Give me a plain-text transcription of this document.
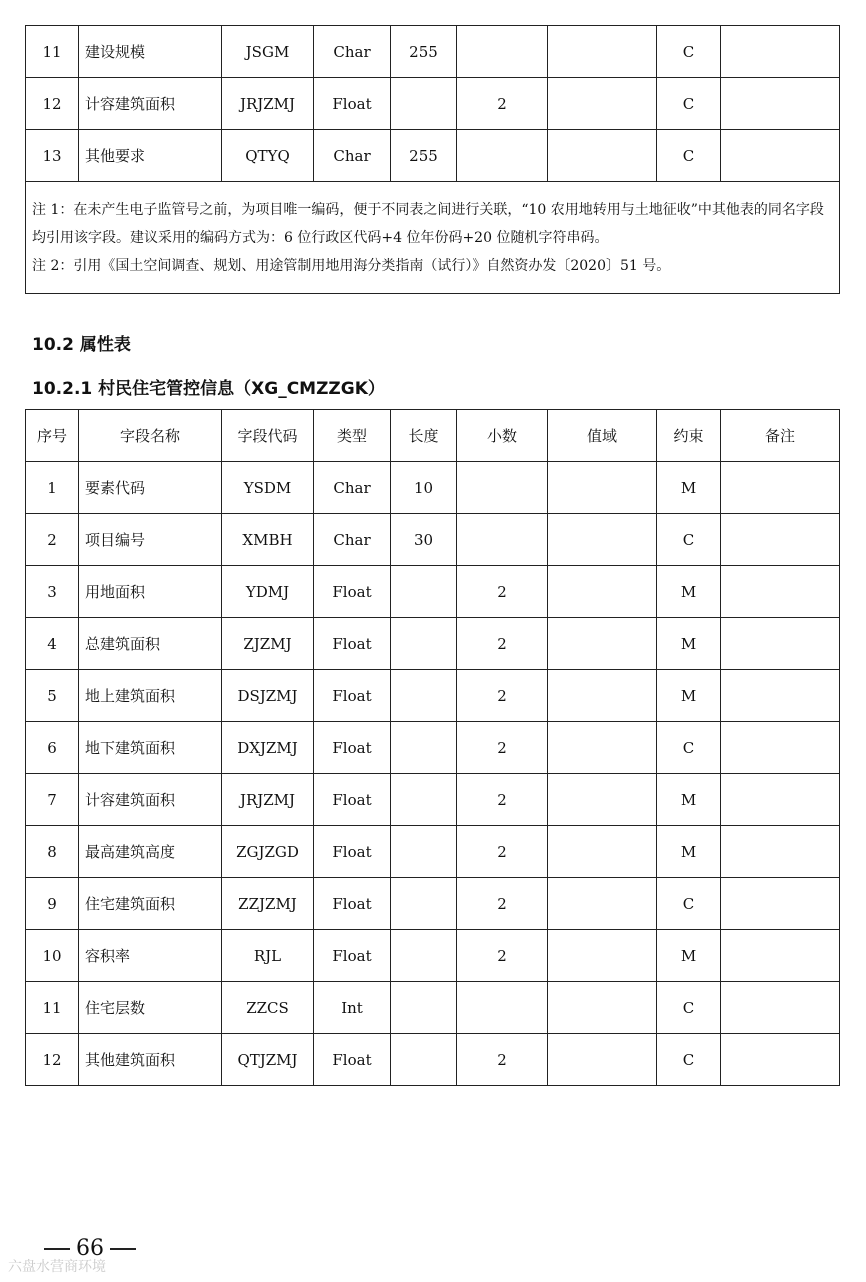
11	建设规模	JSGM	Char	255			C	
12	计容建筑面积	JRJZMJ	Float		2		C	
13	其他要求	QTYQ	Char	255			C	

注 1：在未产生电子监管号之前，为项目唯一编码，便于不同表之间进行关联，“10 农用地转用与土地征收”中其他表的同名字段均引用该字段。建议采用的编码方式为：6 位行政区代码+4 位年份码+20 位随机字符串码。
注 2：引用《国土空间调查、规划、用途管制用地用海分类指南（试行）》自然资办发〔2020〕51 号。								
10.2 属性表
10.2.1 村民住宅管控信息（XG_CMZZGK）
序号	字段名称	字段代码	类型	长度	小数	值域	约束	备注
1	要素代码	YSDM	Char	10			M	
2	项目编号	XMBH	Char	30			C	
3	用地面积	YDMJ	Float		2		M	
4	总建筑面积	ZJZMJ	Float		2		M	
5	地上建筑面积	DSJZMJ	Float		2		M	
6	地下建筑面积	DXJZMJ	Float		2		C	
7	计容建筑面积	JRJZMJ	Float		2		M	
8	最高建筑高度	ZGJZGD	Float		2		M	
9	住宅建筑面积	ZZJZMJ	Float		2		C	
10	容积率	RJL	Float		2		M	
11	住宅层数	ZZCS	Int				C	
12	其他建筑面积	QTJZMJ	Float		2		C	
66
六盘水营商环境
